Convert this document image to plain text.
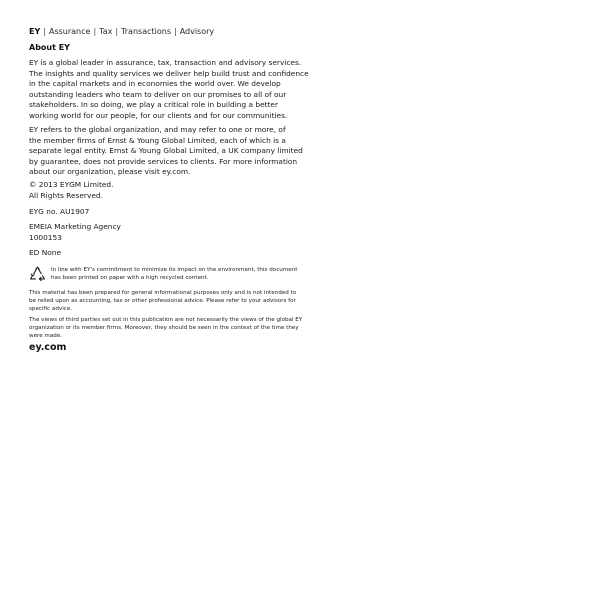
EY | Assurance | Tax | Transactions | Advisory
About EY
EY is a global leader in assurance, tax, transaction and advisory services.
The insights and quality services we deliver help build trust and confidence
in the capital markets and in economies the world over. We develop
outstanding leaders who team to deliver on our promises to all of our
stakeholders. In so doing, we play a critical role in building a better
working world for our people, for our clients and for our communities.
EY refers to the global organization, and may refer to one or more, of
the member firms of Ernst & Young Global Limited, each of which is a
separate legal entity. Ernst & Young Global Limited, a UK company limited
by guarantee, does not provide services to clients. For more information
about our organization, please visit ey.com.
© 2013 EYGM Limited.
All Rights Reserved.
EYG no. AU1907
EMEIA Marketing Agency
1000153
ED None
In line with EY's commitment to minimize its impact on the environment, this document
has been printed on paper with a high recycled content.
This material has been prepared for general informational purposes only and is not intended to
be relied upon as accounting, tax or other professional advice. Please refer to your advisors for
specific advice.
The views of third parties set out in this publication are not necessarily the views of the global EY
organization or its member firms. Moreover, they should be seen in the context of the time they
were made.
ey.com
